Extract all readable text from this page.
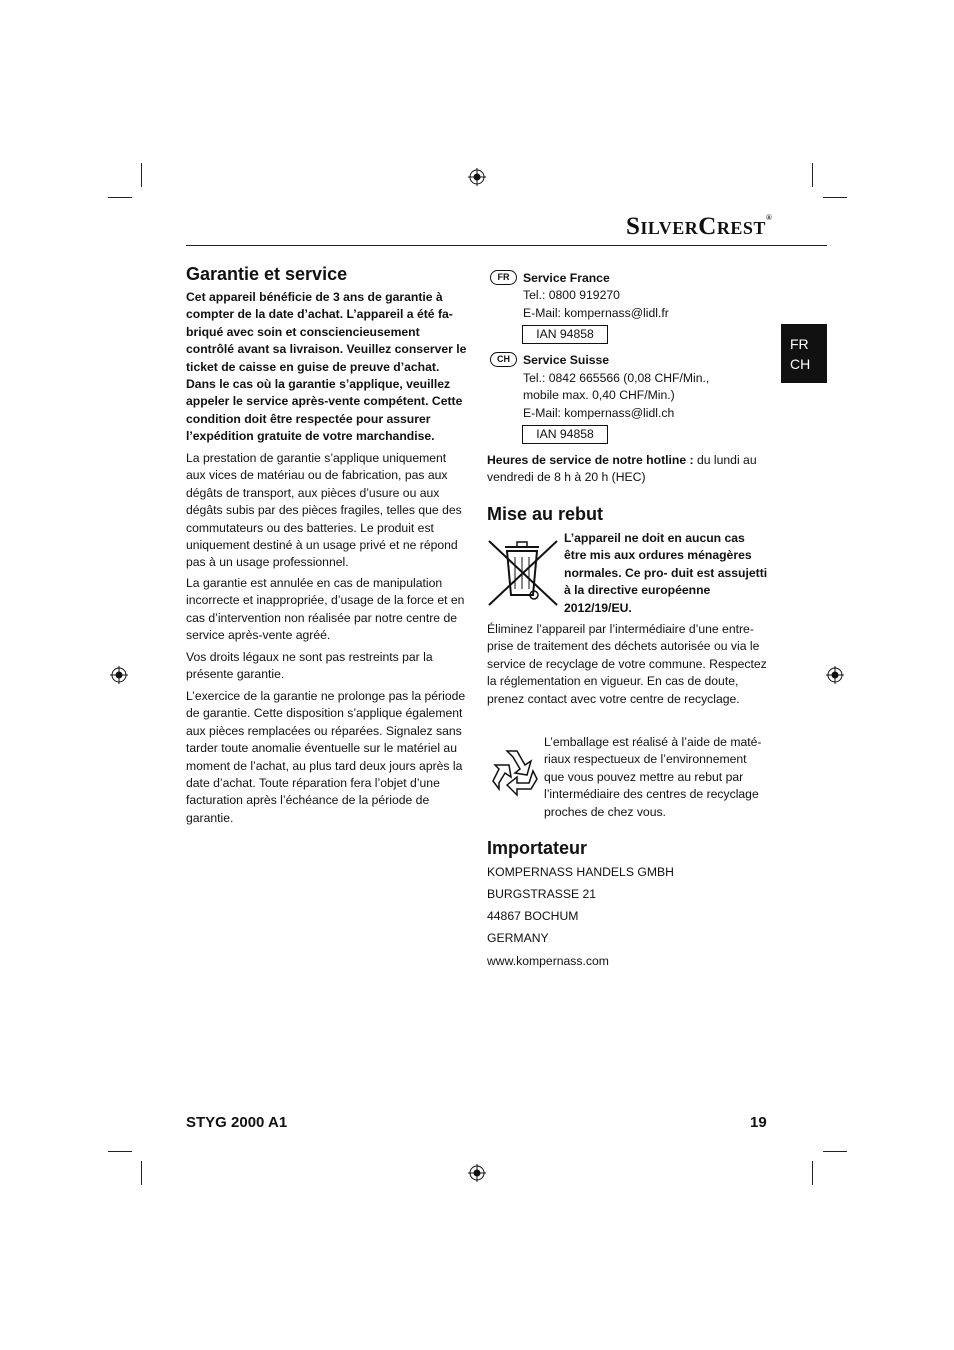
SilverCrest®
FR
CH
Garantie et service

Cet appareil bénéficie de 3 ans de garantie à compter de la date d’achat. L’appareil a été fa- briqué avec soin et consciencieusement contrôlé avant sa livraison. Veuillez conserver le ticket de caisse en guise de preuve d’achat. Dans le cas où la garantie s’applique, veuillez appeler le service après-vente compétent. Cette condition doit être respectée pour assurer l’expédition gratuite de votre marchandise.

La prestation de garantie s’applique uniquement aux vices de matériau ou de fabrication, pas aux dégâts de transport, aux pièces d’usure ou aux dégâts subis par des pièces fragiles, telles que des commutateurs ou des batteries. Le produit est uniquement destiné à un usage privé et ne répond pas à un usage professionnel.

La garantie est annulée en cas de manipulation incorrecte et inappropriée, d’usage de la force et en cas d’intervention non réalisée par notre centre de service après-vente agréé.

Vos droits légaux ne sont pas restreints par la présente garantie.

L’exercice de la garantie ne prolonge pas la période de garantie. Cette disposition s’applique également aux pièces remplacées ou réparées. Signalez sans tarder toute anomalie éventuelle sur le matériel au moment de l’achat, au plus tard deux jours après la date d’achat. Toute réparation fera l’objet d’une facturation après l’échéance de la période de garantie.

FR	Service France
Tel.: 0800 919270
E-Mail: kompernass@lidl.fr
IAN 94858
CH	Service Suisse
Tel.: 0842 665566 (0,08 CHF/Min.,
mobile max. 0,40 CHF/Min.)
E-Mail: kompernass@lidl.ch
IAN 94858

Heures de service de notre hotline : du lundi au vendredi de 8 h à 20 h (HEC)

Mise au rebut

L’appareil ne doit en aucun cas être mis aux ordures ménagères normales. Ce pro- duit est assujetti à la directive européenne 2012/19/EU.

Éliminez l’appareil par l’intermédiaire d’une entre- prise de traitement des déchets autorisée ou via le service de recyclage de votre commune. Respectez la réglementation en vigueur. En cas de doute, prenez contact avec votre centre de recyclage.

L’emballage est réalisé à l’aide de maté- riaux respectueux de l’environnement que vous pouvez mettre au rebut par l’intermédiaire des centres de recyclage proches de chez vous.

Importateur
KOMPERNASS HANDELS GMBH
BURGSTRASSE 21
44867 BOCHUM
GERMANY
www.kompernass.com
STYG 2000 A1	19
